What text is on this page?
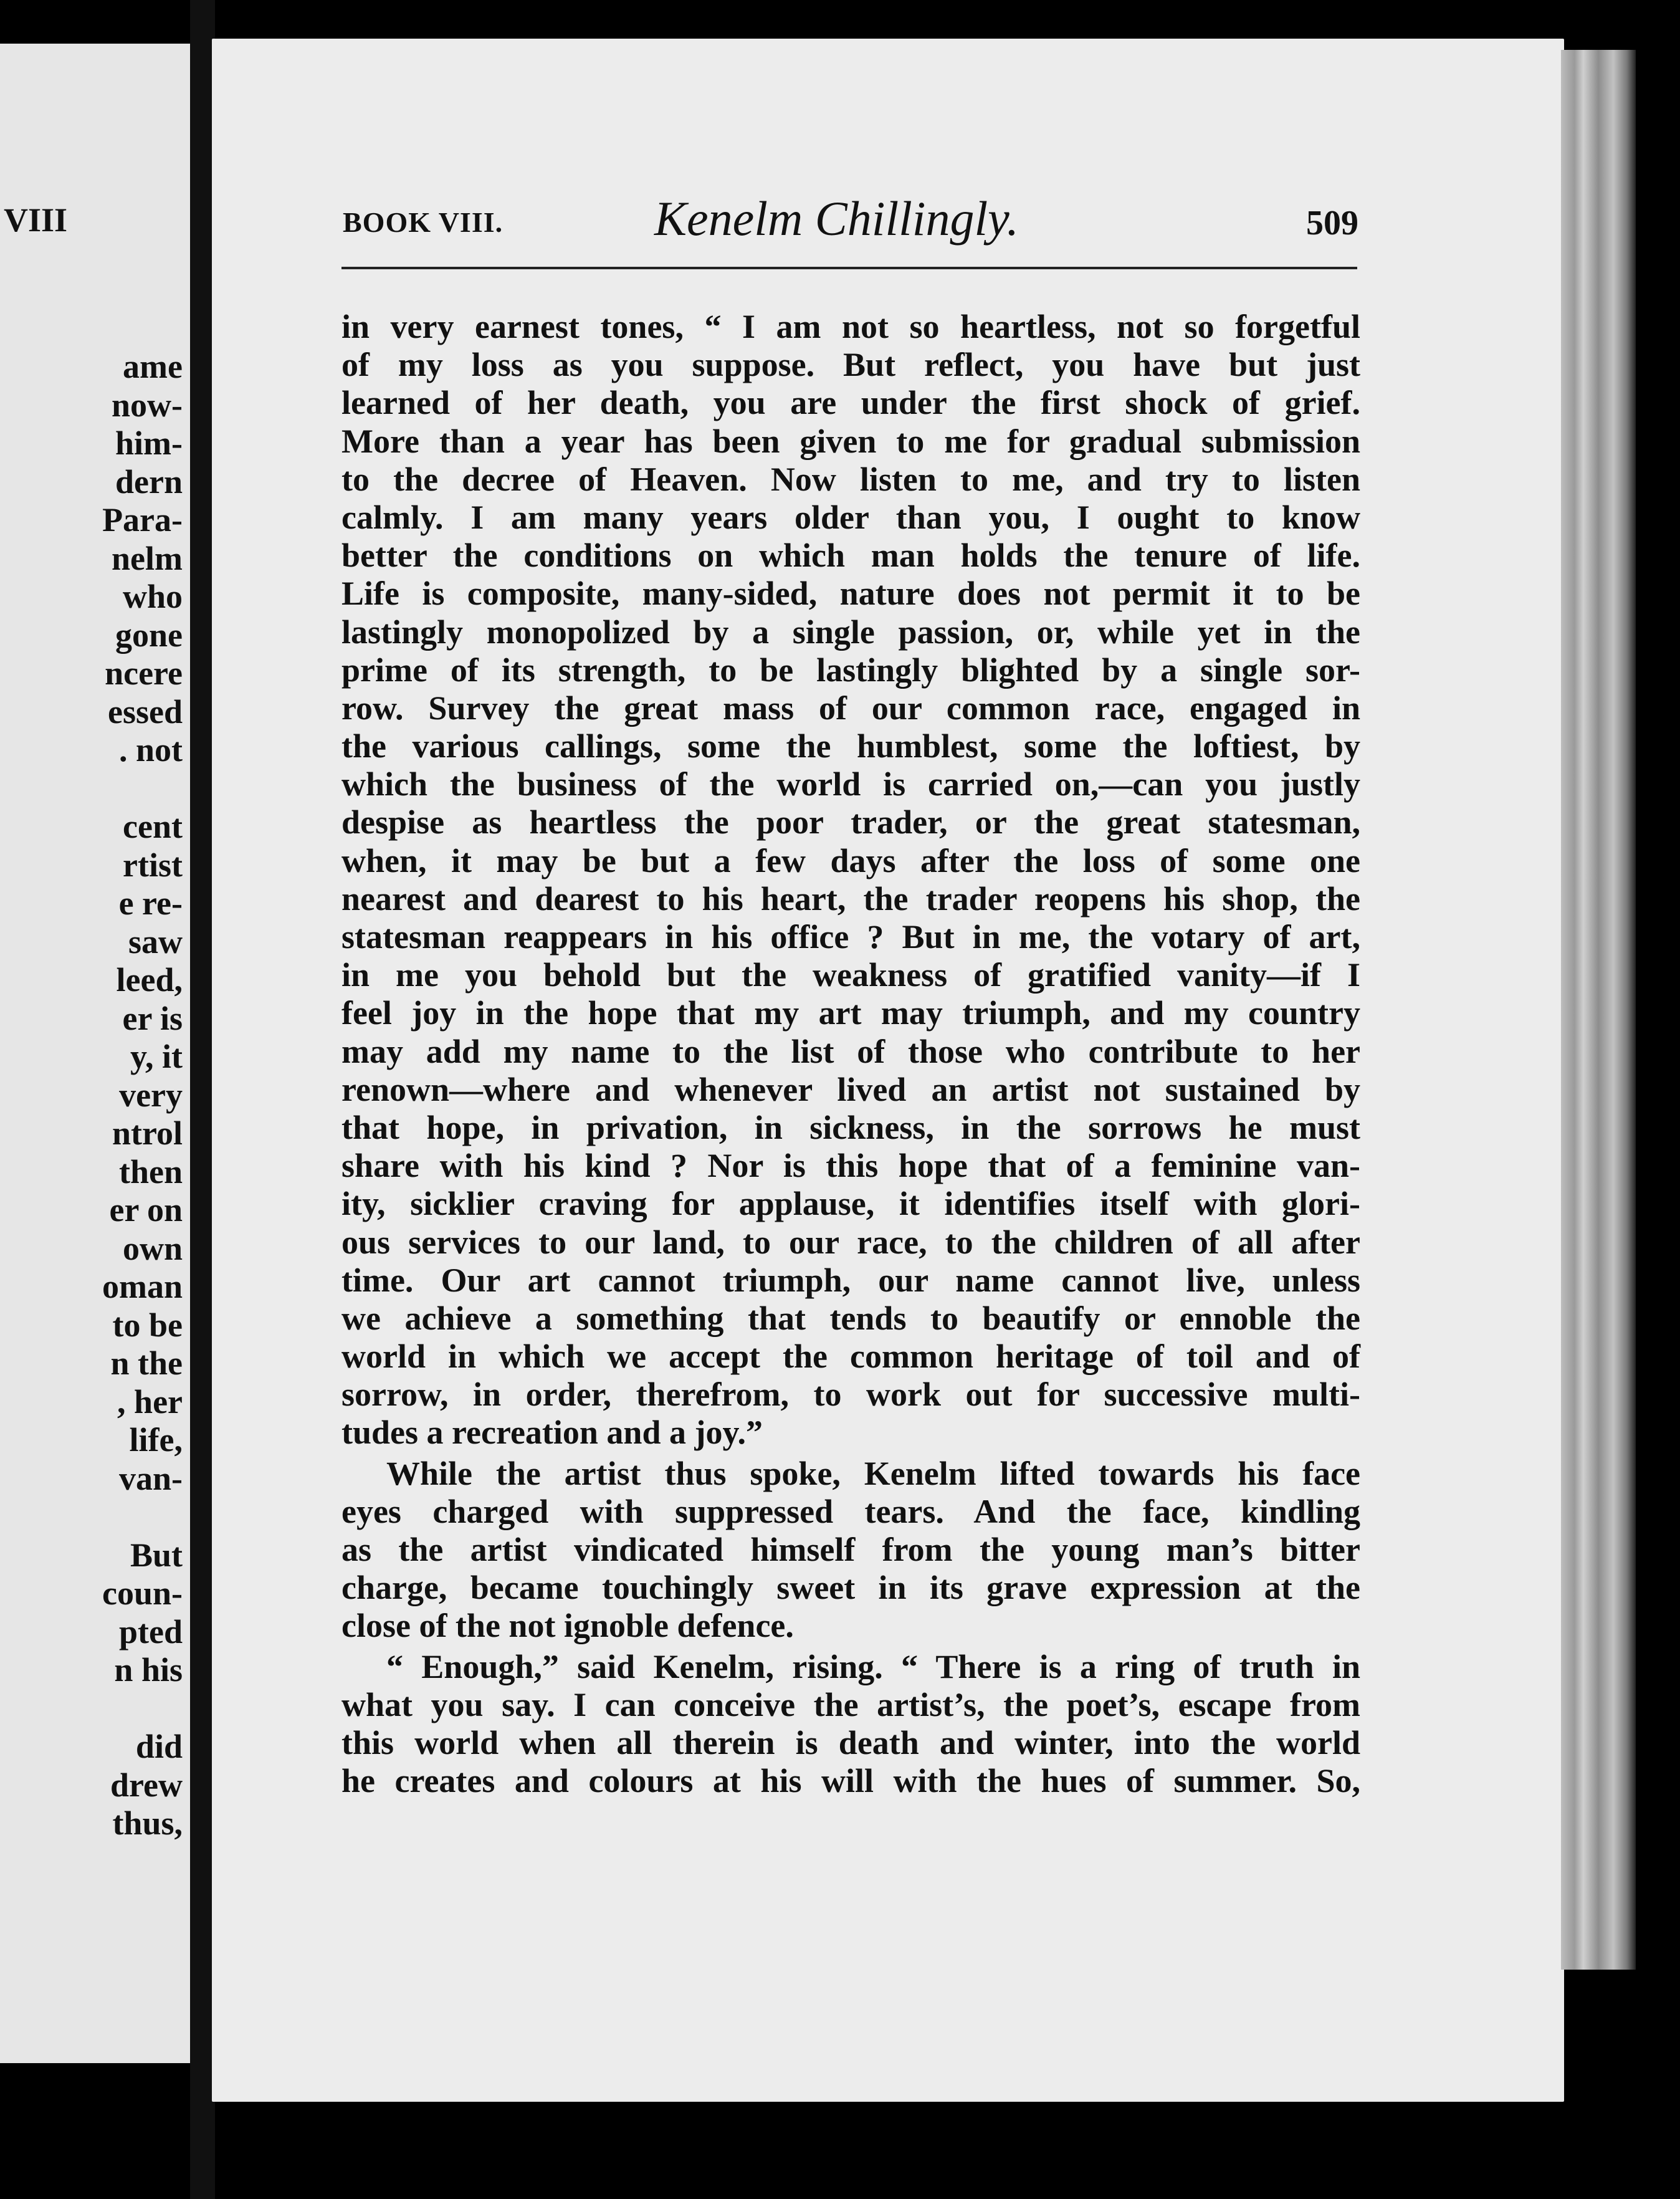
VIII
ame
now-
him-
dern
Para-
nelm
who
gone
ncere
essed
. not
cent
rtist
e re-
saw
leed,
er is
y, it
very
ntrol
then
er on
own
oman
to be
n the
, her
life,
van-
But
coun-
pted
n his
did
drew
thus,
BOOK VIII.	Kenelm Chillingly.	509
in very earnest tones, “ I am not so heartless, not so forgetful
of my loss as you suppose. But reflect, you have but just
learned of her death, you are under the first shock of grief.
More than a year has been given to me for gradual submission
to the decree of Heaven. Now listen to me, and try to listen
calmly. I am many years older than you, I ought to know
better the conditions on which man holds the tenure of life.
Life is composite, many-sided, nature does not permit it to be
lastingly monopolized by a single passion, or, while yet in the
prime of its strength, to be lastingly blighted by a single sor-
row. Survey the great mass of our common race, engaged in
the various callings, some the humblest, some the loftiest, by
which the business of the world is carried on,—can you justly
despise as heartless the poor trader, or the great statesman,
when, it may be but a few days after the loss of some one
nearest and dearest to his heart, the trader reopens his shop, the
statesman reappears in his office ? But in me, the votary of art,
in me you behold but the weakness of gratified vanity—if I
feel joy in the hope that my art may triumph, and my country
may add my name to the list of those who contribute to her
renown—where and whenever lived an artist not sustained by
that hope, in privation, in sickness, in the sorrows he must
share with his kind ? Nor is this hope that of a feminine van-
ity, sicklier craving for applause, it identifies itself with glori-
ous services to our land, to our race, to the children of all after
time. Our art cannot triumph, our name cannot live, unless
we achieve a something that tends to beautify or ennoble the
world in which we accept the common heritage of toil and of
sorrow, in order, therefrom, to work out for successive multi-
tudes a recreation and a joy.”
While the artist thus spoke, Kenelm lifted towards his face
eyes charged with suppressed tears. And the face, kindling
as the artist vindicated himself from the young man’s bitter
charge, became touchingly sweet in its grave expression at the
close of the not ignoble defence.
“ Enough,” said Kenelm, rising. “ There is a ring of truth in
what you say. I can conceive the artist’s, the poet’s, escape from
this world when all therein is death and winter, into the world
he creates and colours at his will with the hues of summer. So,
